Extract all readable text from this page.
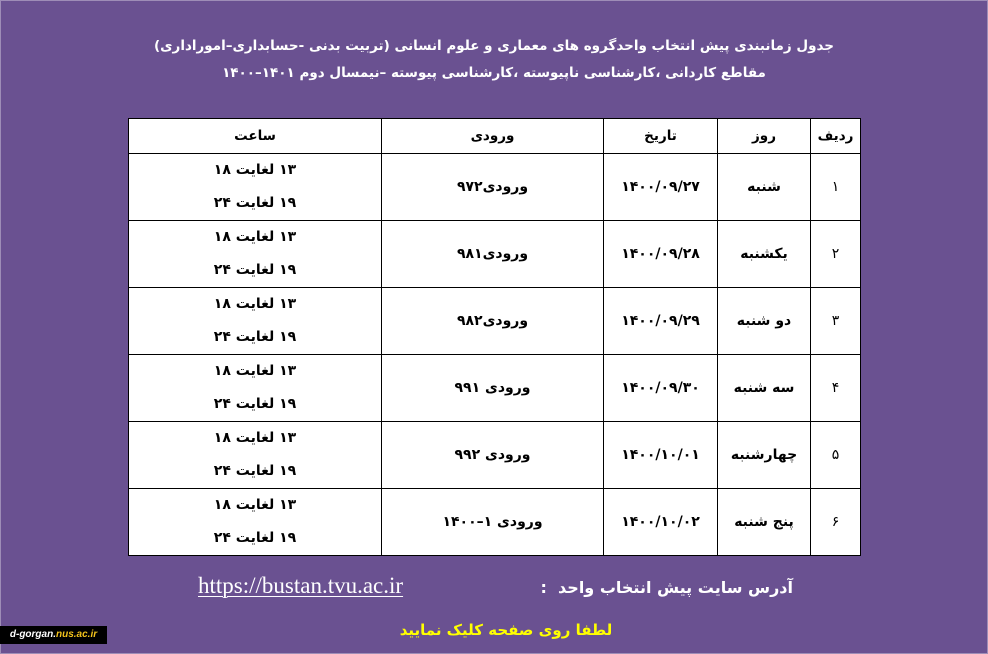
جدول زمانبندی پیش انتخاب واحدگروه های معماری و علوم انسانی (تربیت بدنی -حسابداری–اموراداری)
مقاطع کاردانی ،کارشناسی ناپیوسته ،کارشناسی پیوسته –نیمسال دوم ۱۴۰۱–۱۴۰۰
ردیف	روز	تاریخ	ورودی	ساعت
۱	شنبه	۱۴۰۰/۰۹/۲۷	ورودی۹۷۲	۱۳ لغایت ۱۸
۱۹ لغایت ۲۴

۲	یکشنبه	۱۴۰۰/۰۹/۲۸	ورودی۹۸۱	۱۳ لغایت ۱۸
۱۹ لغایت ۲۴

۳	دو شنبه	۱۴۰۰/۰۹/۲۹	ورودی۹۸۲	۱۳ لغایت ۱۸
۱۹ لغایت ۲۴

۴	سه شنبه	۱۴۰۰/۰۹/۳۰	ورودی ۹۹۱	۱۳ لغایت ۱۸
۱۹ لغایت ۲۴

۵	چهارشنبه	۱۴۰۰/۱۰/۰۱	ورودی ۹۹۲	۱۳ لغایت ۱۸
۱۹ لغایت ۲۴

۶	پنج شنبه	۱۴۰۰/۱۰/۰۲	ورودی ۱–۱۴۰۰	۱۳ لغایت ۱۸
۱۹ لغایت ۲۴
آدرس سایت پیش انتخاب واحد  :
https://bustan.tvu.ac.ir
لطفا روی صفحه کلیک نمایید
d-gorgan.nus.ac.ir
